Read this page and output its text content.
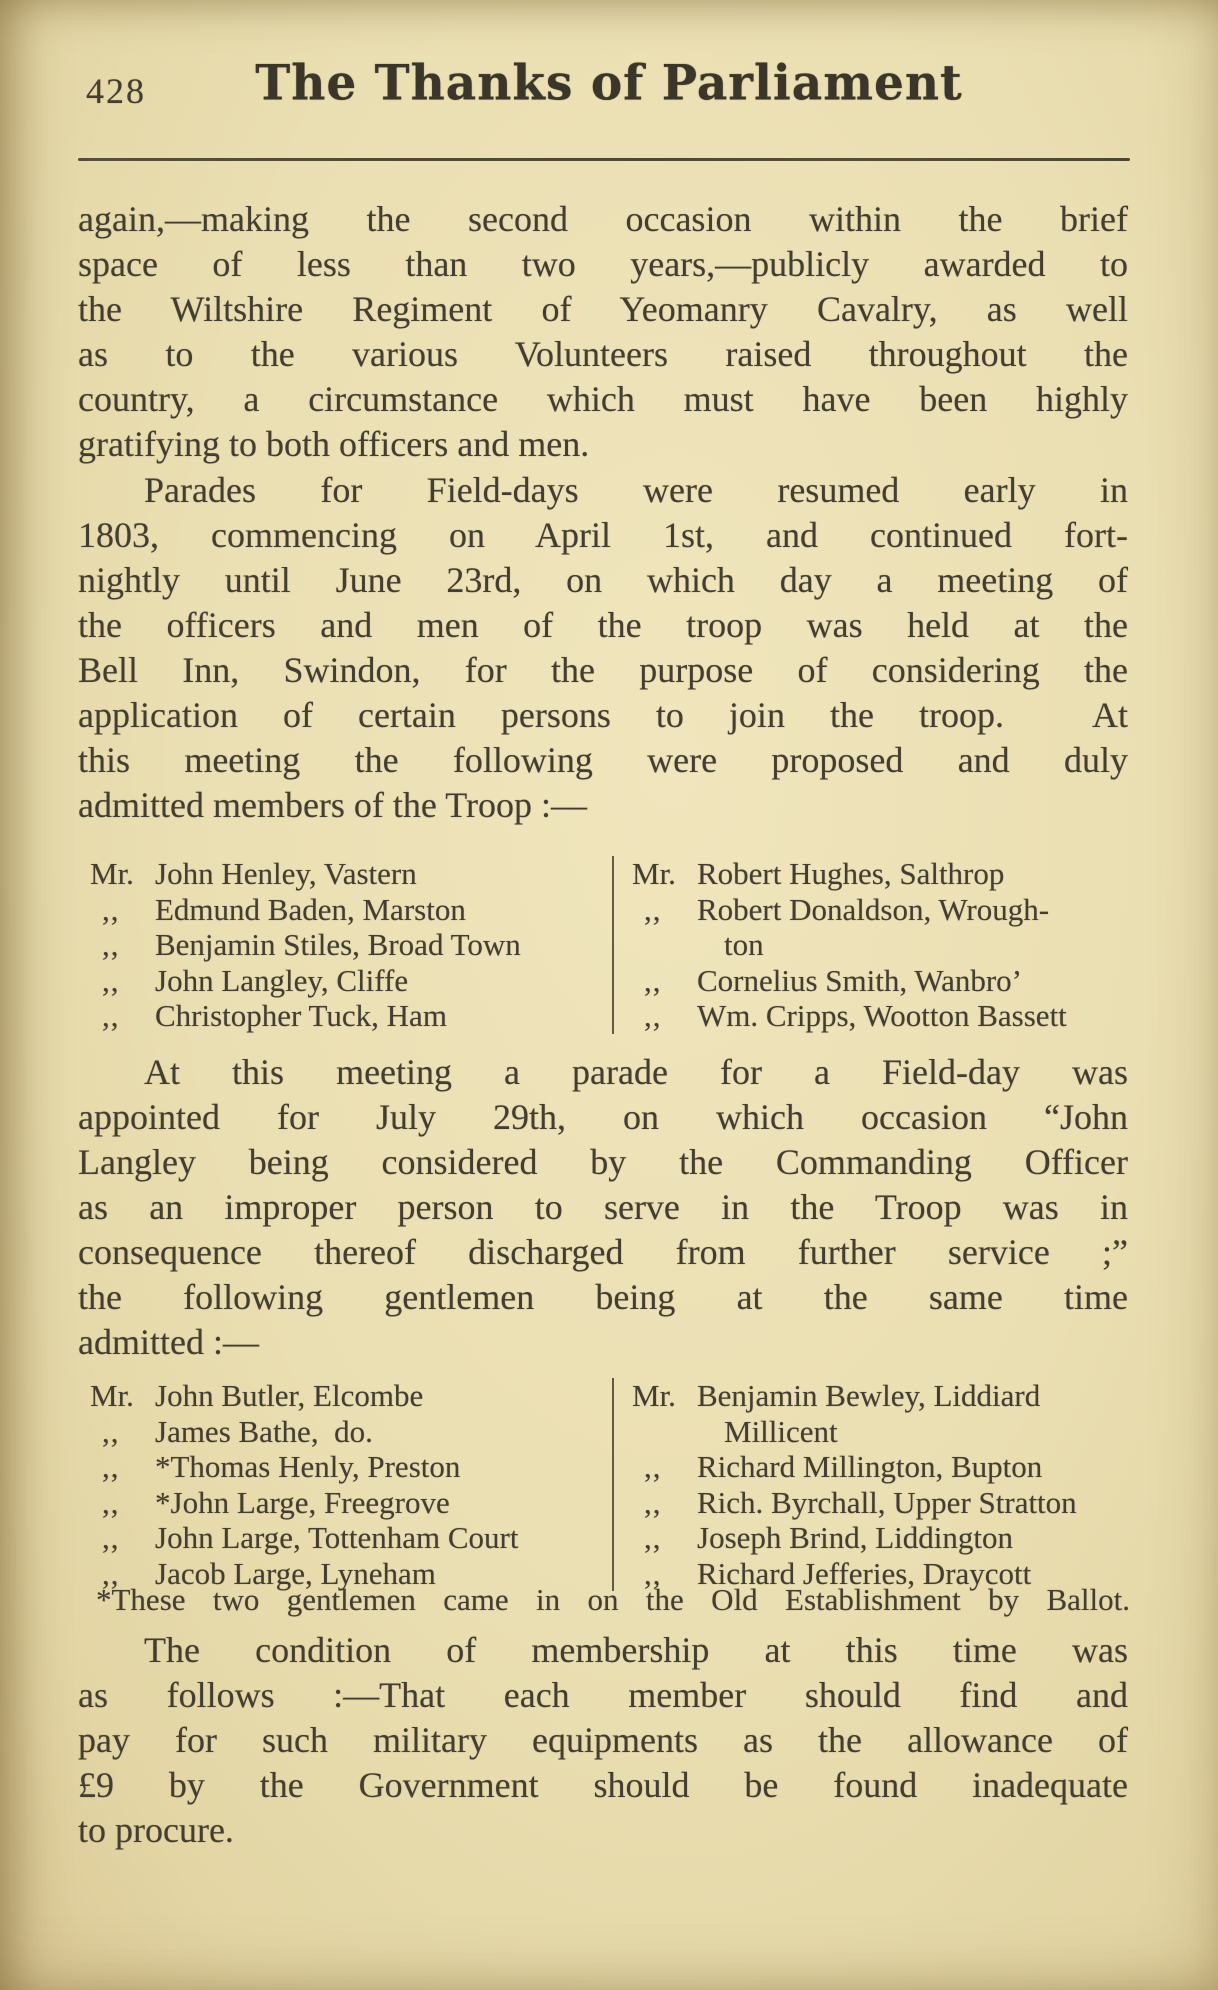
428	The Thanks of Parliament
again,—making the second occasion within the brief
space of less than two years,—publicly awarded to
the Wiltshire Regiment of Yeomanry Cavalry, as well
as to the various Volunteers raised throughout the
country, a circumstance which must have been highly
gratifying to both officers and men.
Parades for Field-days were resumed early in
1803, commencing on April 1st, and continued fort-
nightly until June 23rd, on which day a meeting of
the officers and men of the troop was held at the
Bell Inn, Swindon, for the purpose of considering the
application of certain persons to join the troop.  At
this meeting the following were proposed and duly
admitted members of the Troop :—
Mr. John Henley, Vastern
,,	Edmund Baden, Marston
,,	Benjamin Stiles, Broad Town
,,	John Langley, Cliffe
,,	Christopher Tuck, Ham
Mr. Robert Hughes, Salthrop
,,	Robert Donaldson, Wrough-
ton
,,	Cornelius Smith, Wanbro’
,,	Wm. Cripps, Wootton Bassett
At this meeting a parade for a Field-day was
appointed for July 29th, on which occasion “John
Langley being considered by the Commanding Officer
as an improper person to serve in the Troop was in
consequence thereof discharged from further service ;”
the following gentlemen being at the same time
admitted :—
Mr. John Butler, Elcombe
,,	James Bathe,  do.
,,	*Thomas Henly, Preston
,,	*John Large, Freegrove
,,	John Large, Tottenham Court
,,	Jacob Large, Lyneham
Mr. Benjamin Bewley, Liddiard
Millicent
,,	Richard Millington, Bupton
,,	Rich. Byrchall, Upper Stratton
,,	Joseph Brind, Liddington
,,	Richard Jefferies, Draycott
*These two gentlemen came in on the Old Establishment by Ballot.
The condition of membership at this time was
as follows :—That each member should find and
pay for such military equipments as the allowance of
£9 by the Government should be found inadequate
to procure.
